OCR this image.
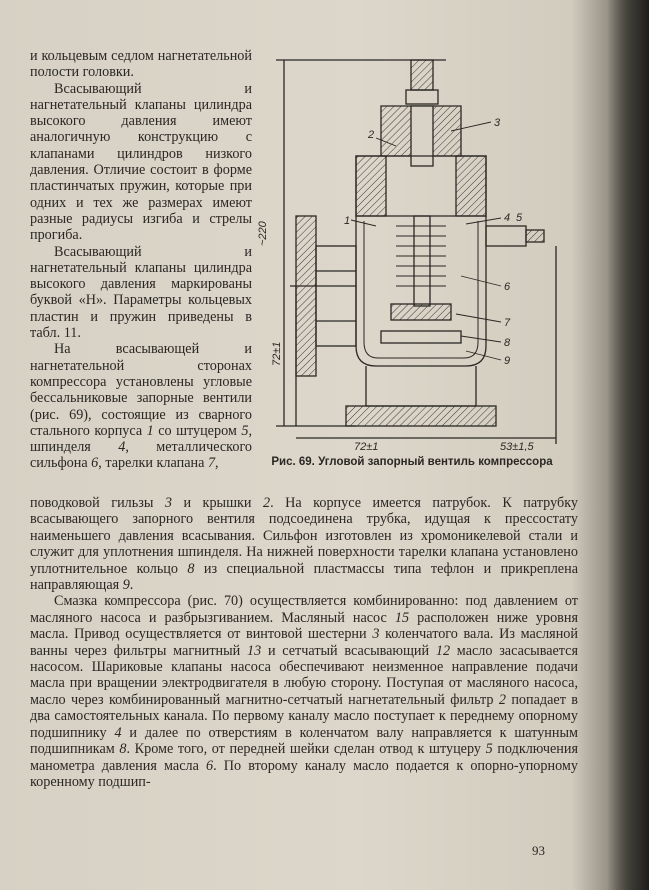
и кольцевым седлом нагнетательной полости головки.

Всасывающий и нагнетательный клапаны цилиндра высокого давления имеют аналогичную конструкцию с клапанами цилиндров низкого давления. Отличие состоит в форме пластинчатых пружин, которые при одних и тех же размерах имеют разные радиусы изгиба и стрелы прогиба.

Всасывающий и нагнетательный клапаны цилиндра высокого давления маркированы буквой «Н». Параметры кольцевых пластин и пружин приведены в табл. 11.

На всасывающей и нагнетательной сторонах компрессора установлены угловые бессальниковые запорные вентили (рис. 69), состоящие из сварного стального корпуса 1 со штуцером 5, шпинделя 4, металлического сильфона 6, тарелки клапана 7,

~220
72±1
72±1	53±1,5
1
2
3
4 5
6
7
8
9
Рис. 69. Угловой запорный вентиль компрессора

поводковой гильзы 3 и крышки 2. На корпусе имеется патрубок. К патрубку всасывающего запорного вентиля подсоединена трубка, идущая к прессостату наименьшего давления всасывания. Сильфон изготовлен из хромоникелевой стали и служит для уплотнения шпинделя. На нижней поверхности тарелки клапана установлено уплотнительное кольцо 8 из специальной пластмассы типа тефлон и прикреплена направляющая 9.

Смазка компрессора (рис. 70) осуществляется комбинированно: под давлением от масляного насоса и разбрызгиванием. Масляный насос 15 расположен ниже уровня масла. Привод осуществляется от винтовой шестерни 3 коленчатого вала. Из масляной ванны через фильтры магнитный 13 и сетчатый всасывающий 12 масло засасывается насосом. Шариковые клапаны насоса обеспечивают неизменное направление подачи масла при вращении электродвигателя в любую сторону. Поступая от масляного насоса, масло через комбинированный магнитно-сетчатый нагнетательный фильтр 2 попадает в два самостоятельных канала. По первому каналу масло поступает к переднему опорному подшипнику 4 и далее по отверстиям в коленчатом валу направляется к шатунным подшипникам 8. Кроме того, от передней шейки сделан отвод к штуцеру 5 подключения манометра давления масла 6. По второму каналу масло подается к опорно-упорному коренному подшип-

93
